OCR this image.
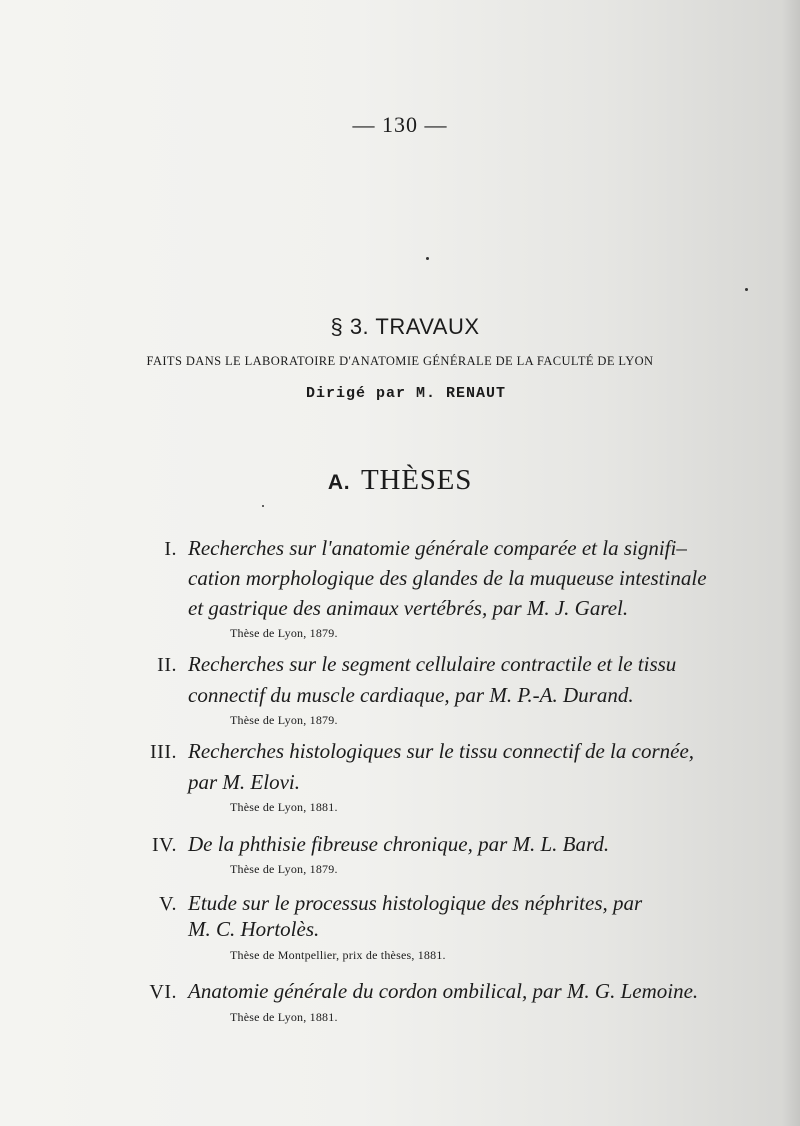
— 130 —
§ 3. TRAVAUX
FAITS DANS LE LABORATOIRE D'ANATOMIE GÉNÉRALE DE LA FACULTÉ DE LYON
Dirigé par M. RENAUT
A. THÈSES
I. Recherches sur l'anatomie générale comparée et la signifi–
cation morphologique des glandes de la muqueuse intestinale
et gastrique des animaux vertébrés, par M. J. Garel.
Thèse de Lyon, 1879.
II. Recherches sur le segment cellulaire contractile et le tissu
connectif du muscle cardiaque, par M. P.-A. Durand.
Thèse de Lyon, 1879.
III. Recherches histologiques sur le tissu connectif de la cornée,
par M. Elovi.
Thèse de Lyon, 1881.
IV. De la phthisie fibreuse chronique, par M. L. Bard.
Thèse de Lyon, 1879.
V. Etude sur le processus histologique des néphrites, par
M. C. Hortolès.
Thèse de Montpellier, prix de thèses, 1881.
VI. Anatomie générale du cordon ombilical, par M. G. Lemoine.
Thèse de Lyon, 1881.
